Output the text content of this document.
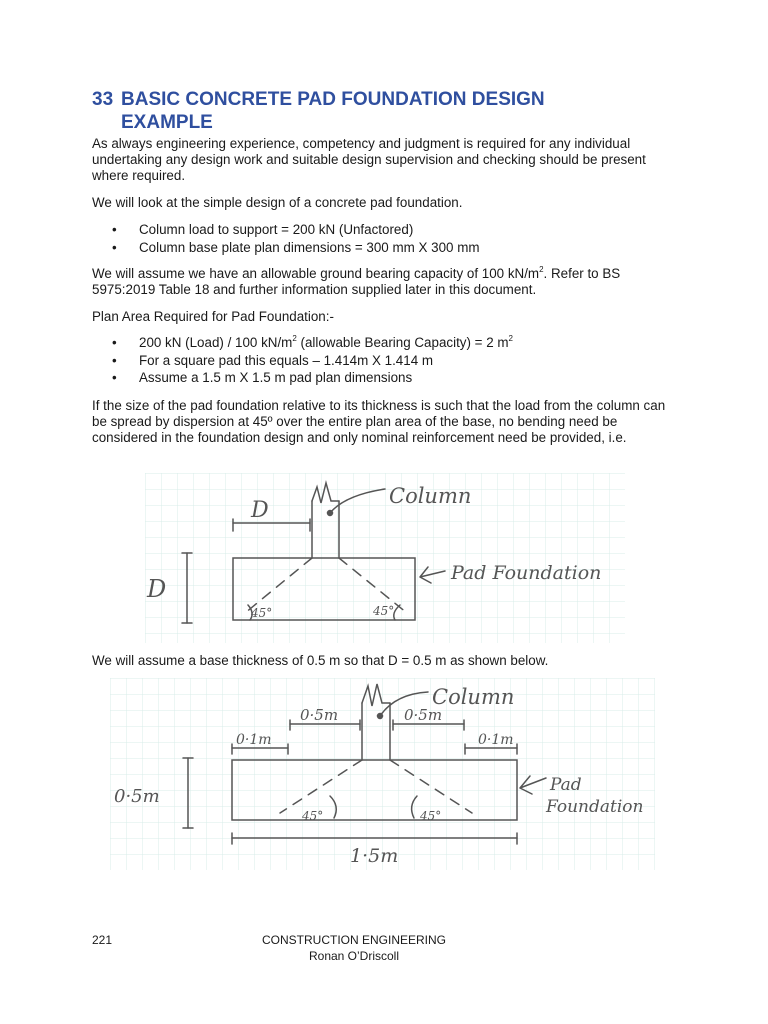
33 BASIC CONCRETE PAD FOUNDATION DESIGN
EXAMPLE

As always engineering experience, competency and judgment is required for any individual undertaking any design work and suitable design supervision and checking should be present where required.

We will look at the simple design of a concrete pad foundation.

• Column load to support = 200 kN (Unfactored)
• Column base plate plan dimensions = 300 mm X 300 mm

We will assume we have an allowable ground bearing capacity of 100 $kN/m^2$. Refer to BS 5975:2019 Table 18 and further information supplied later in this document.

Plan Area Required for Pad Foundation:-

• 200 kN (Load) / 100 $kN/m^2$ (allowable Bearing Capacity) = 2 $m^2$
• For a square pad this equals – 1.414m X 1.414 m
• Assume a 1.5 m X 1.5 m pad plan dimensions

If the size of the pad foundation relative to its thickness is such that the load from the column can be spread by dispersion at 45º over the entire plan area of the base, no bending need be considered in the foundation design and only nominal reinforcement need be provided, i.e.

D
D
Column
Pad Foundation
45°	45°

We will assume a base thickness of 0.5 m so that D = 0.5 m as shown below.

Column
Pad
Foundation
0·5m	0·5m
0·1m	0·1m
0·5m
1·5m
45°	45°
221	CONSTRUCTION ENGINEERING
Ronan O’Driscoll
